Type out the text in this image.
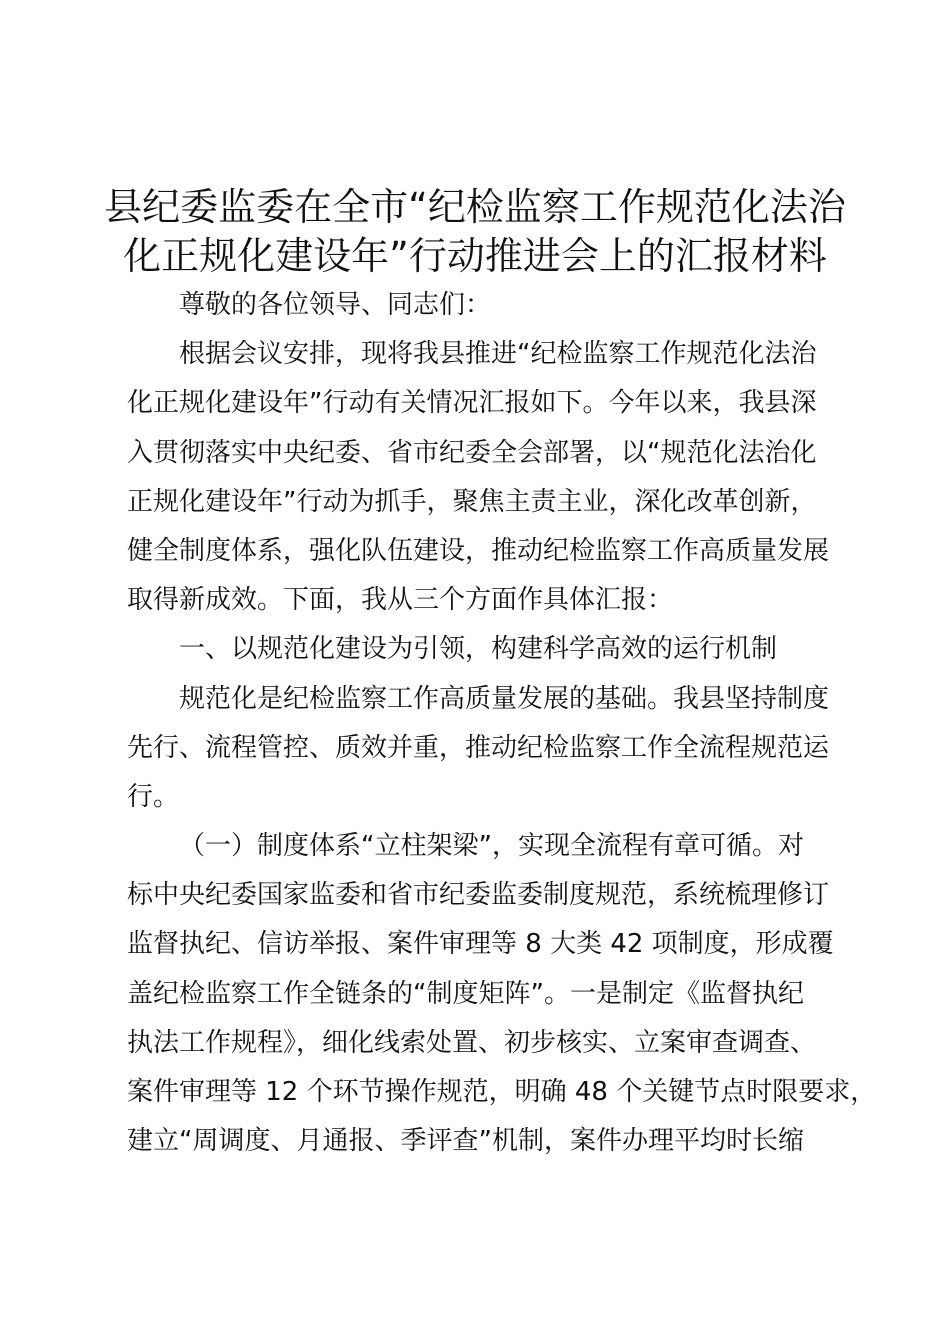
县纪委监委在全市“纪检监察工作规范化法治
化正规化建设年”行动推进会上的汇报材料
尊敬的各位领导、同志们：
根据会议安排，现将我县推进“纪检监察工作规范化法治
化正规化建设年”行动有关情况汇报如下。今年以来，我县深
入贯彻落实中央纪委、省市纪委全会部署，以“规范化法治化
正规化建设年”行动为抓手，聚焦主责主业，深化改革创新，
健全制度体系，强化队伍建设，推动纪检监察工作高质量发展
取得新成效。下面，我从三个方面作具体汇报：
一、以规范化建设为引领，构建科学高效的运行机制
规范化是纪检监察工作高质量发展的基础。我县坚持制度
先行、流程管控、质效并重，推动纪检监察工作全流程规范运
行。
（一）制度体系“立柱架梁”，实现全流程有章可循。对
标中央纪委国家监委和省市纪委监委制度规范，系统梳理修订
监督执纪、信访举报、案件审理等 8 大类 42 项制度，形成覆
盖纪检监察工作全链条的“制度矩阵”。一是制定《监督执纪
执法工作规程》，细化线索处置、初步核实、立案审查调查、
案件审理等 12 个环节操作规范，明确 48 个关键节点时限要求，
建立“周调度、月通报、季评查”机制，案件办理平均时长缩
